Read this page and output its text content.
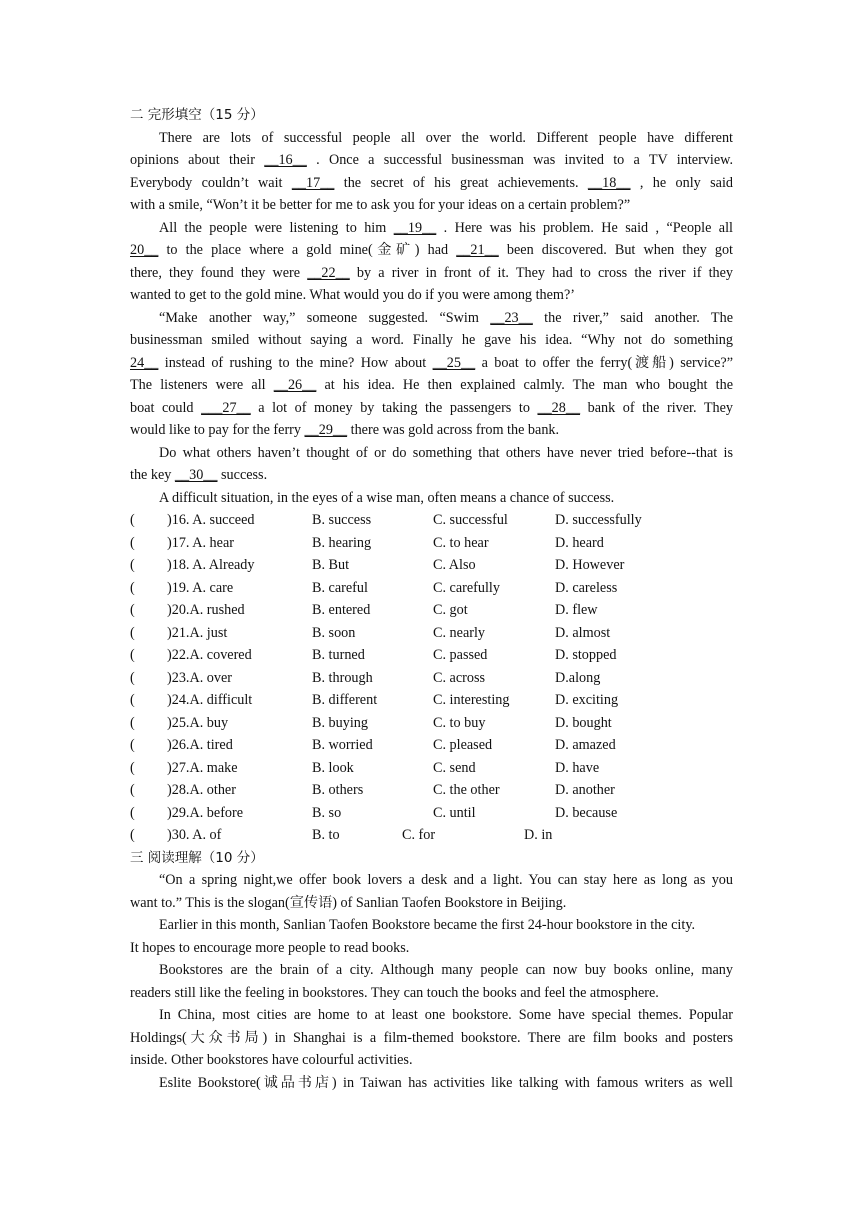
二 完形填空（15 分）
There are lots of successful people all over the world. Different people have different
opinions about their __16__ . Once a successful businessman was invited to a TV interview.
Everybody couldn’t wait __17__ the secret of his great achievements. __18__ , he only said
with a smile, “Won’t it be better for me to ask you for your ideas on a certain problem?”
All the people were listening to him __19__ . Here was his problem. He said , “People all
20__ to the place where a gold mine(金矿) had __21__ been discovered. But when they got
there, they found they were __22__ by a river in front of it. They had to cross the river if they
wanted to get to the gold mine. What would you do if you were among them?’
“Make another way,” someone suggested. “Swim __23__ the river,” said another. The
businessman smiled without saying a word. Finally he gave his idea. “Why not do something
24__ instead of rushing to the mine? How about __25__ a boat to offer the ferry(渡船) service?”
The listeners were all __26__ at his idea. He then explained calmly. The man who bought the
boat could ___27__ a lot of money by taking the passengers to __28__ bank of the river. They
would like to pay for the ferry __29__ there was gold across from the bank.
Do what others haven’t thought of or do something that others have never tried before--that is
the key __30__ success.
A difficult situation, in the eyes of a wise man, often means a chance of success.
( )16. A. succeed	B. success	C. successful	D. successfully
( )17. A. hear	B. hearing	C. to hear	D. heard
( )18. A. Already	B. But	C. Also	D. However
( )19. A. care	B. careful	C. carefully	D. careless
( )20.A. rushed	B. entered	C. got	D. flew
( )21.A. just	B. soon	C. nearly	D. almost
( )22.A. covered	B. turned	C. passed	D. stopped
( )23.A. over	B. through	C. across	D.along
( )24.A. difficult	B. different	C. interesting	D. exciting
( )25.A. buy	B. buying	C. to buy	D. bought
( )26.A. tired	B. worried	C. pleased	D. amazed
( )27.A. make	B. look	C. send	D. have
( )28.A. other	B. others	C. the other	D. another
( )29.A. before	B. so	C. until	D. because
( )30. A. of	B. to	C. for	D. in
三 阅读理解（10 分）
“On a spring night,we offer book lovers a desk and a light. You can stay here as long as you
want to.” This is the slogan(宣传语) of Sanlian Taofen Bookstore in Beijing.
Earlier in this month, Sanlian Taofen Bookstore became the first 24-hour bookstore in the city.
It hopes to encourage more people to read books.
Bookstores are the brain of a city. Although many people can now buy books online, many
readers still like the feeling in bookstores. They can touch the books and feel the atmosphere.
In China, most cities are home to at least one bookstore. Some have special themes. Popular
Holdings(大众书局) in Shanghai is a film-themed bookstore. There are film books and posters
inside. Other bookstores have colourful activities.
Eslite Bookstore(诚品书店) in Taiwan has activities like talking with famous writers as well
